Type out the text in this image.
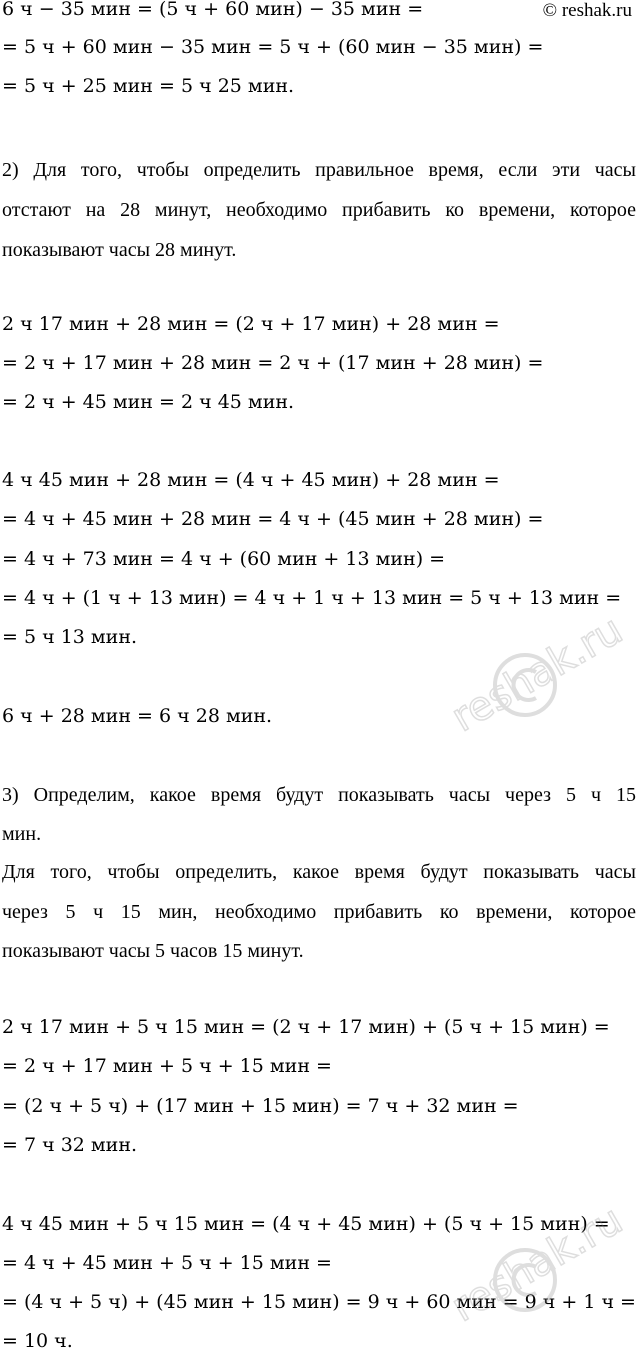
© reshak.ru
6 ч − 35 мин = (5 ч + 60 мин) − 35 мин =
= 5 ч + 60 мин − 35 мин = 5 ч + (60 мин − 35 мин) =
= 5 ч + 25 мин = 5 ч 25 мин.
2) Для того, чтобы определить правильное время, если эти часы
отстают на 28 минут, необходимо прибавить ко времени, которое
показывают часы 28 минут.
2 ч 17 мин + 28 мин = (2 ч + 17 мин) + 28 мин =
= 2 ч + 17 мин + 28 мин = 2 ч + (17 мин + 28 мин) =
= 2 ч + 45 мин = 2 ч 45 мин.
4 ч 45 мин + 28 мин = (4 ч + 45 мин) + 28 мин =
= 4 ч + 45 мин + 28 мин = 4 ч + (45 мин + 28 мин) =
= 4 ч + 73 мин = 4 ч + (60 мин + 13 мин) =
= 4 ч + (1 ч + 13 мин) = 4 ч + 1 ч + 13 мин = 5 ч + 13 мин =
= 5 ч 13 мин.
6 ч + 28 мин = 6 ч 28 мин.
3) Определим, какое время будут показывать часы через 5 ч 15
мин.
Для того, чтобы определить, какое время будут показывать часы
через 5 ч 15 мин, необходимо прибавить ко времени, которое
показывают часы 5 часов 15 минут.
2 ч 17 мин + 5 ч 15 мин = (2 ч + 17 мин) + (5 ч + 15 мин) =
= 2 ч + 17 мин + 5 ч + 15 мин =
= (2 ч + 5 ч) + (17 мин + 15 мин) = 7 ч + 32 мин =
= 7 ч 32 мин.
4 ч 45 мин + 5 ч 15 мин = (4 ч + 45 мин) + (5 ч + 15 мин) =
= 4 ч + 45 мин + 5 ч + 15 мин =
= (4 ч + 5 ч) + (45 мин + 15 мин) = 9 ч + 60 мин = 9 ч + 1 ч =
= 10 ч.
reshak.ru
reshak.ru
